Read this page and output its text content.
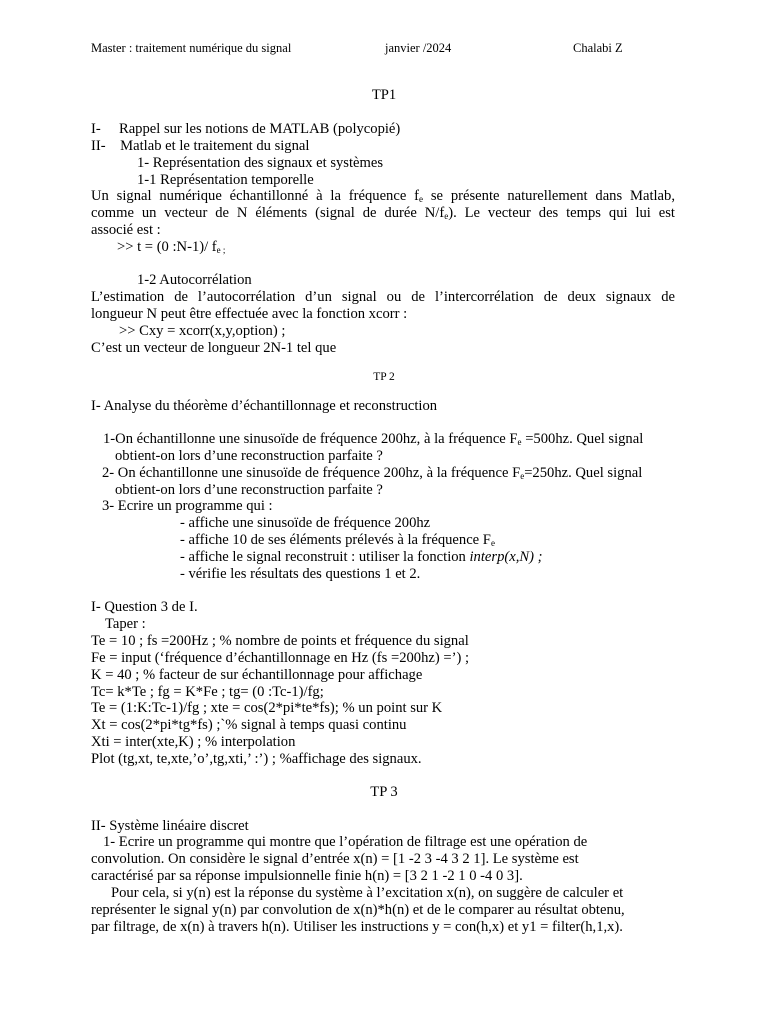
Master : traitement numérique du signal	janvier /2024	Chalabi Z
TP1
I-     Rappel sur les notions de MATLAB (polycopié)
II-    Matlab et le traitement du signal
1- Représentation des signaux et systèmes
1-1 Représentation temporelle
Un signal numérique échantillonné à la fréquence $f_e$ se présente naturellement dans Matlab,
comme un vecteur de N éléments (signal de durée $N/f_e$). Le vecteur des temps qui lui est
associé est :
>> t = (0 :N-1)/ $f_{e ;}$
1-2 Autocorrélation
L’estimation de l’autocorrélation d’un signal ou de l’intercorrélation de deux signaux de
longueur N peut être effectuée avec la fonction xcorr :
>> Cxy = xcorr(x,y,option) ;
C’est un vecteur de longueur 2N-1 tel que
TP 2
I- Analyse du théorème d’échantillonnage et reconstruction
1-On échantillonne une sinusoïde de fréquence 200hz, à la fréquence $F_e =500hz$. Quel signal
obtient-on lors d’une reconstruction parfaite ?
2- On échantillonne une sinusoïde de fréquence 200hz, à la fréquence $F_e=250hz$. Quel signal
obtient-on lors d’une reconstruction parfaite ?
3- Ecrire un programme qui :
- affiche une sinusoïde de fréquence 200hz
- affiche 10 de ses éléments prélevés à la fréquence $F_e$
- affiche le signal reconstruit : utiliser la fonction interp(x,N) ;
- vérifie les résultats des questions 1 et 2.
I- Question 3 de I.
Taper :
Te = 10 ; fs =200Hz ; % nombre de points et fréquence du signal
Fe = input (‘fréquence d’échantillonnage en Hz (fs =200hz) =’) ;
K = 40 ; % facteur de sur échantillonnage pour affichage
Tc= k*Te ; fg = K*Fe ; tg= (0 :Tc-1)/fg;
Te = (1:K:Tc-1)/fg ; xte = cos(2*pi*te*fs); % un point sur K
Xt = cos(2*pi*tg*fs) ;`% signal à temps quasi continu
Xti = inter(xte,K) ; % interpolation
Plot (tg,xt, te,xte,’o’,tg,xti,’ :’) ; %affichage des signaux.
TP 3
II- Système linéaire discret
1- Ecrire un programme qui montre que l’opération de filtrage est une opération de
convolution. On considère le signal d’entrée x(n) = [1 -2 3 -4 3 2 1]. Le système est
caractérisé par sa réponse impulsionnelle finie h(n) = [3 2 1 -2 1 0 -4 0 3].
Pour cela, si y(n) est la réponse du système à l’excitation x(n), on suggère de calculer et
représenter le signal y(n) par convolution de x(n)*h(n) et de le comparer au résultat obtenu,
par filtrage, de x(n) à travers h(n). Utiliser les instructions y = con(h,x) et y1 = filter(h,1,x).
